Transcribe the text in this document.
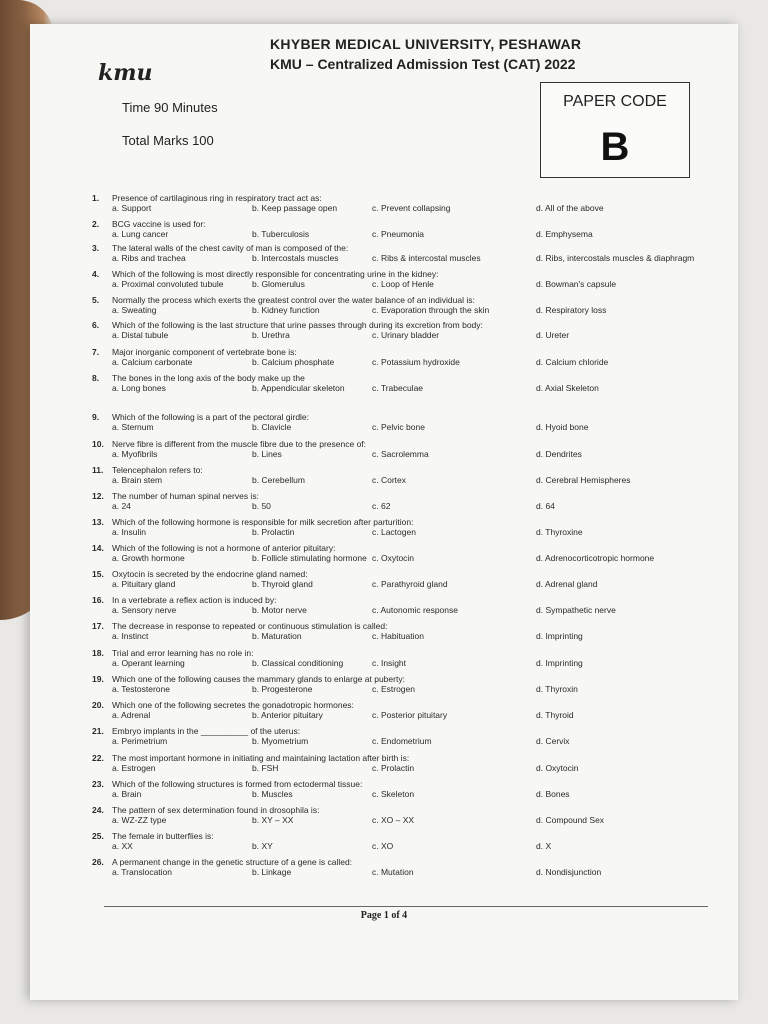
kmu
KHYBER MEDICAL UNIVERSITY, PESHAWAR
KMU – Centralized Admission Test (CAT) 2022
Time 90 Minutes
Total Marks 100
PAPER CODE
B
1.	Presence of cartilaginous ring in respiratory tract act as:
a. Support	b. Keep passage open	c. Prevent collapsing	d. All of the above
2.	BCG vaccine is used for:
a. Lung cancer	b. Tuberculosis	c. Pneumonia	d. Emphysema
3.	The lateral walls of the chest cavity of man is composed of the:
a. Ribs and trachea	b. Intercostals muscles	c. Ribs & intercostal muscles	d. Ribs, intercostals muscles & diaphragm
4.	Which of the following is most directly responsible for concentrating urine in the kidney:
a. Proximal convoluted tubule	b. Glomerulus	c. Loop of Henle	d. Bowman's capsule
5.	Normally the process which exerts the greatest control over the water balance of an individual is:
a. Sweating	b. Kidney function	c. Evaporation through the skin	d. Respiratory loss
6.	Which of the following is the last structure that urine passes through during its excretion from body:
a. Distal tubule	b. Urethra	c. Urinary bladder	d. Ureter
7.	Major inorganic component of vertebrate bone is:
a. Calcium carbonate	b. Calcium phosphate	c. Potassium hydroxide	d. Calcium chloride
8.	The bones in the long axis of the body make up the
a. Long bones	b. Appendicular skeleton	c. Trabeculae	d. Axial Skeleton
9.	Which of the following is a part of the pectoral girdle:
a. Sternum	b. Clavicle	c. Pelvic bone	d. Hyoid bone
10. Nerve fibre is different from the muscle fibre due to the presence of:
a. Myofibrils	b. Lines	c. Sacrolemma	d. Dendrites
11.	Telencephalon refers to:
a. Brain stem	b. Cerebellum	c. Cortex	d. Cerebral Hemispheres
12. The number of human spinal nerves is:
a. 24	b. 50	c. 62	d. 64
13. Which of the following hormone is responsible for milk secretion after parturition:
a. Insulin	b. Prolactin	c. Lactogen	d. Thyroxine
14. Which of the following is not a hormone of anterior pituitary:
a. Growth hormone	b. Follicle stimulating hormone c. Oxytocin	d. Adrenocorticotropic hormone
15. Oxytocin is secreted by the endocrine gland named:
a. Pituitary gland	b. Thyroid gland	c. Parathyroid gland	d. Adrenal gland
16. In a vertebrate a reflex action is induced by:
a. Sensory nerve	b. Motor nerve	c. Autonomic response	d. Sympathetic nerve
17. The decrease in response to repeated or continuous stimulation is called:
a. Instinct	b. Maturation	c. Habituation	d. Imprinting
18. Trial and error learning has no role in:
a. Operant learning	b. Classical conditioning	c. Insight	d. Imprinting
19. Which one of the following causes the mammary glands to enlarge at puberty:
a. Testosterone	b. Progesterone	c. Estrogen	d. Thyroxin
20. Which one of the following secretes the gonadotropic hormones:
a. Adrenal	b. Anterior pituitary	c. Posterior pituitary	d. Thyroid
21. Embryo implants in the __________ of the uterus:
a. Perimetrium	b. Myometrium	c. Endometrium	d. Cervix
22. The most important hormone in initiating and maintaining lactation after birth is:
a. Estrogen	b. FSH	c. Prolactin	d. Oxytocin
23. Which of the following structures is formed from ectodermal tissue:
a. Brain	b. Muscles	c. Skeleton	d. Bones
24. The pattern of sex determination found in drosophila is:
a. WZ-ZZ type	b. XY – XX	c. XO – XX	d. Compound Sex
25. The female in butterflies is:
a. XX	b. XY	c. XO	d. X
26. A permanent change in the genetic structure of a gene is called:
a. Translocation	b. Linkage	c. Mutation	d. Nondisjunction
Page 1 of 4
